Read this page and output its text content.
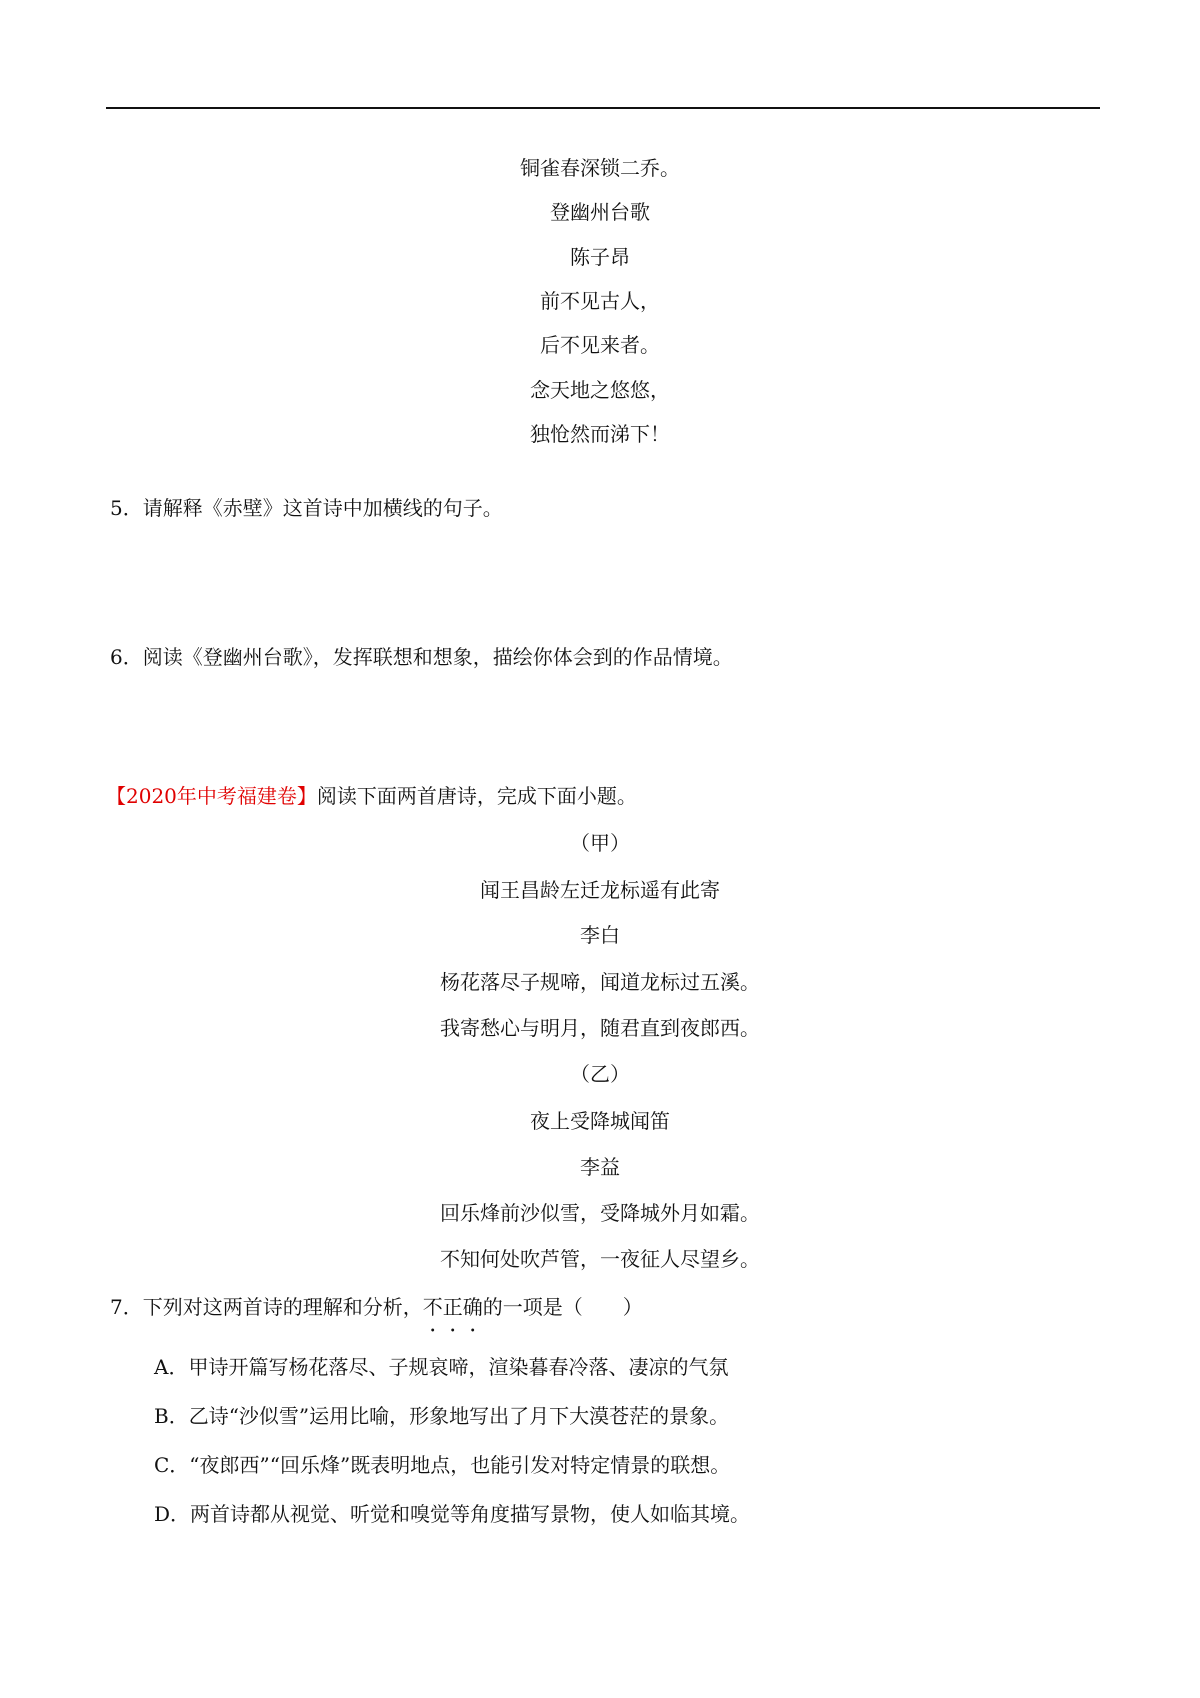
铜雀春深锁二乔。
登幽州台歌
陈子昂
前不见古人，
后不见来者。
念天地之悠悠，
独怆然而涕下！
5．请解释《赤壁》这首诗中加横线的句子。
6．阅读《登幽州台歌》，发挥联想和想象，描绘你体会到的作品情境。
【2020年中考福建卷】阅读下面两首唐诗，完成下面小题。
（甲）
闻王昌龄左迁龙标遥有此寄
李白
杨花落尽子规啼，闻道龙标过五溪。
我寄愁心与明月，随君直到夜郎西。
（乙）
夜上受降城闻笛
李益
回乐烽前沙似雪，受降城外月如霜。
不知何处吹芦管，一夜征人尽望乡。
7．下列对这两首诗的理解和分析，不正确的一项是（　　）
A．甲诗开篇写杨花落尽、子规哀啼，渲染暮春冷落、凄凉的气氛
B．乙诗“沙似雪”运用比喻，形象地写出了月下大漠苍茫的景象。
C．“夜郎西”“回乐烽”既表明地点，也能引发对特定情景的联想。
D．两首诗都从视觉、听觉和嗅觉等角度描写景物，使人如临其境。
